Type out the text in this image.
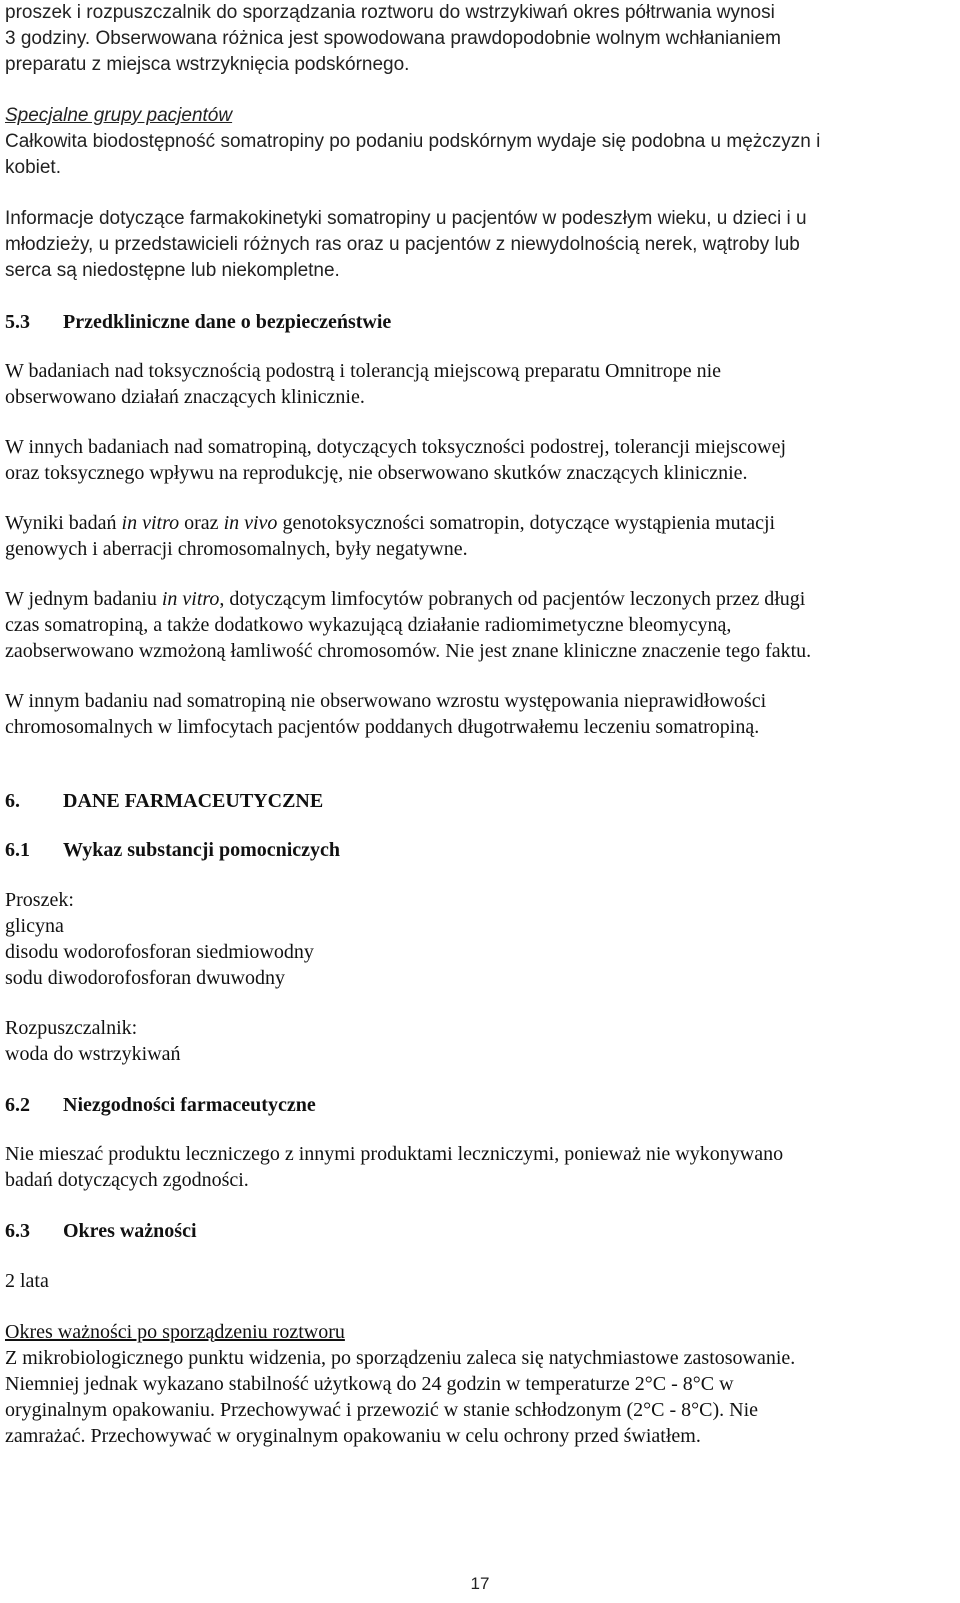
proszek i rozpuszczalnik do sporządzania roztworu do wstrzykiwań okres półtrwania wynosi
3 godziny. Obserwowana różnica jest spowodowana prawdopodobnie wolnym wchłanianiem
preparatu z miejsca wstrzyknięcia podskórnego.
Specjalne grupy pacjentów
Całkowita biodostępność somatropiny po podaniu podskórnym wydaje się podobna u mężczyzn i
kobiet.
Informacje dotyczące farmakokinetyki somatropiny u pacjentów w podeszłym wieku, u dzieci i u
młodzieży, u przedstawicieli różnych ras oraz u pacjentów z niewydolnością nerek, wątroby lub
serca są niedostępne lub niekompletne.
5.3 Przedkliniczne dane o bezpieczeństwie
W badaniach nad toksycznością podostrą i tolerancją miejscową preparatu Omnitrope nie
obserwowano działań znaczących klinicznie.
W innych badaniach nad somatropiną, dotyczących toksyczności podostrej, tolerancji miejscowej
oraz toksycznego wpływu na reprodukcję, nie obserwowano skutków znaczących klinicznie.
Wyniki badań in vitro oraz in vivo genotoksyczności somatropin, dotyczące wystąpienia mutacji
genowych i aberracji chromosomalnych, były negatywne.
W jednym badaniu in vitro, dotyczącym limfocytów pobranych od pacjentów leczonych przez długi
czas somatropiną, a także dodatkowo wykazującą działanie radiomimetyczne bleomycyną,
zaobserwowano wzmożoną łamliwość chromosomów. Nie jest znane kliniczne znaczenie tego faktu.
W innym badaniu nad somatropiną nie obserwowano wzrostu występowania nieprawidłowości
chromosomalnych w limfocytach pacjentów poddanych długotrwałemu leczeniu somatropiną.
6. DANE FARMACEUTYCZNE
6.1 Wykaz substancji pomocniczych
Proszek:
glicyna
disodu wodorofosforan siedmiowodny
sodu diwodorofosforan dwuwodny
Rozpuszczalnik:
woda do wstrzykiwań
6.2 Niezgodności farmaceutyczne
Nie mieszać produktu leczniczego z innymi produktami leczniczymi, ponieważ nie wykonywano
badań dotyczących zgodności.
6.3 Okres ważności
2 lata
Okres ważności po sporządzeniu roztworu
Z mikrobiologicznego punktu widzenia, po sporządzeniu zaleca się natychmiastowe zastosowanie.
Niemniej jednak wykazano stabilność użytkową do 24 godzin w temperaturze 2°C - 8°C w
oryginalnym opakowaniu. Przechowywać i przewozić w stanie schłodzonym (2°C - 8°C). Nie
zamrażać. Przechowywać w oryginalnym opakowaniu w celu ochrony przed światłem.
17
